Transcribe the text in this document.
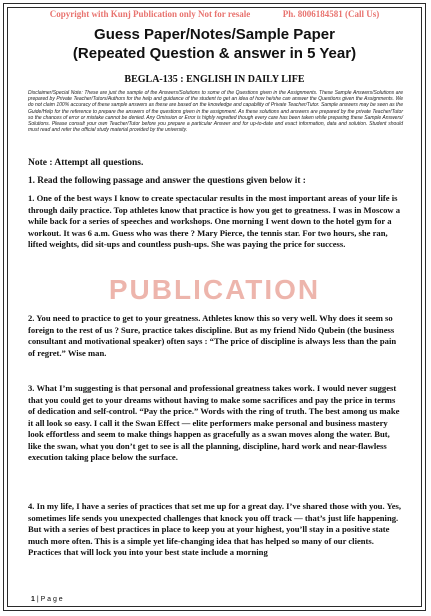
Copyright with Kunj Publication only Not for resale	Ph. 8006184581 (Call Us)
Guess Paper/Notes/Sample Paper
(Repeated Question & answer in 5 Year)
BEGLA-135 : ENGLISH IN DAILY LIFE
Disclaimer/Special Note: These are just the sample of the Answers/Solutions to some of the Questions given in the Assignments. These Sample Answers/Solutions are prepared by Private Teacher/Tutors/Authors for the help and guidance of the student to get an idea of how he/she can answer the Questions given the Assignments. We do not claim 100% accuracy of these sample answers as these are based on the knowledge and capability of Private Teacher/Tutor. Sample answers may be seen as the Guide/Help for the reference to prepare the answers of the questions given in the assignment. As these solutions and answers are prepared by the private Teacher/Tutor so the chances of error or mistake cannot be denied. Any Omission or Error is highly regretted though every care has been taken while preparing these Sample Answers/ Solutions. Please consult your own Teacher/Tutor before you prepare a particular Answer and for up-to-date and exact information, data and solution. Student should must read and refer the official study material provided by the university.
Note : Attempt all questions.
1. Read the following passage and answer the questions given below it :
1. One of the best ways I know to create spectacular results in the most important areas of your life is through daily practice. Top athletes know that practice is how you get to greatness. I was in Moscow a while back for a series of speeches and workshops. One morning I went down to the hotel gym for a workout. It was 6 a.m. Guess who was there ? Mary Pierce, the tennis star. For two hours, she ran, lifted weights, did sit-ups and countless push-ups. She was paying the price for success.
2. You need to practice to get to your greatness. Athletes know this so very well. Why does it seem so foreign to the rest of us ? Sure, practice takes discipline. But as my friend Nido Qubein (the business consultant and motivational speaker) often says : “The price of discipline is always less than the pain of regret.” Wise man.
3. What I’m suggesting is that personal and professional greatness takes work. I would never suggest that you could get to your dreams without having to make some sacrifices and pay the price in terms of dedication and self-control. “Pay the price.” Words with the ring of truth. The best among us make it all look so easy. I call it the Swan Effect — elite performers make personal and business mastery look effortless and seem to make things happen as gracefully as a swan moves along the water. But, like the swan, what you don’t get to see is all the planning, discipline, hard work and near-flawless execution taking place below the surface.
4. In my life, I have a series of practices that set me up for a great day. I’ve shared those with you. Yes, sometimes life sends you unexpected challenges that knock you off track — that’s just life happening. But with a series of best practices in place to keep you at your highest, you’ll stay in a positive state much more often. This is a simple yet life-changing idea that has helped so many of our clients. Practices that will lock you into your best state include a morning
PUBLICATION
1 | P a g e
